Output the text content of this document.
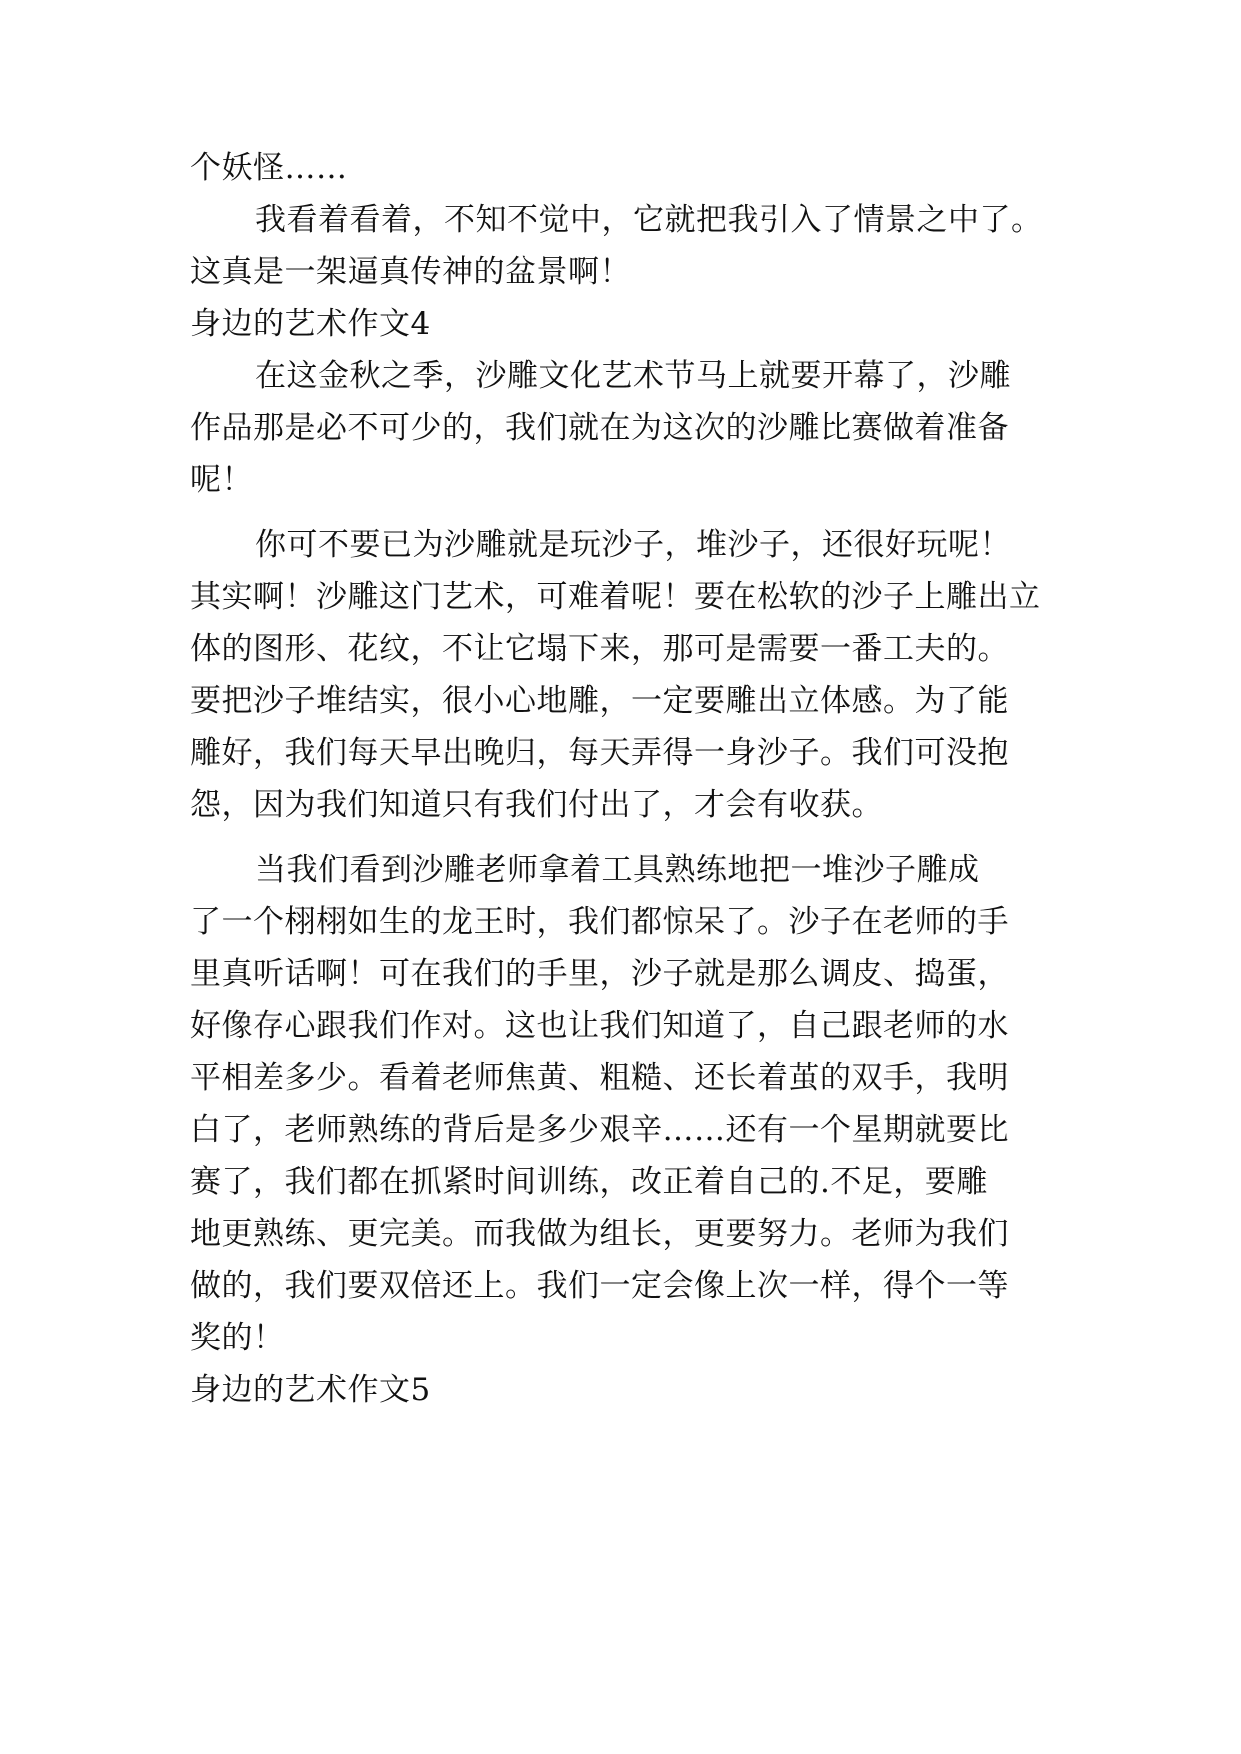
个妖怪……

我看着看着，不知不觉中，它就把我引入了情景之中了。

这真是一架逼真传神的盆景啊！

身边的艺术作文4

在这金秋之季，沙雕文化艺术节马上就要开幕了，沙雕

作品那是必不可少的，我们就在为这次的沙雕比赛做着准备

呢！

你可不要已为沙雕就是玩沙子，堆沙子，还很好玩呢！

其实啊！沙雕这门艺术，可难着呢！要在松软的沙子上雕出立

体的图形、花纹，不让它塌下来，那可是需要一番工夫的。

要把沙子堆结实，很小心地雕，一定要雕出立体感。为了能

雕好，我们每天早出晚归，每天弄得一身沙子。我们可没抱

怨，因为我们知道只有我们付出了，才会有收获。

当我们看到沙雕老师拿着工具熟练地把一堆沙子雕成

了一个栩栩如生的龙王时，我们都惊呆了。沙子在老师的手

里真听话啊！可在我们的手里，沙子就是那么调皮、捣蛋，

好像存心跟我们作对。这也让我们知道了，自己跟老师的水

平相差多少。看着老师焦黄、粗糙、还长着茧的双手，我明

白了，老师熟练的背后是多少艰辛……还有一个星期就要比

赛了，我们都在抓紧时间训练，改正着自己的.不足，要雕

地更熟练、更完美。而我做为组长，更要努力。老师为我们

做的，我们要双倍还上。我们一定会像上次一样，得个一等

奖的！

身边的艺术作文5
